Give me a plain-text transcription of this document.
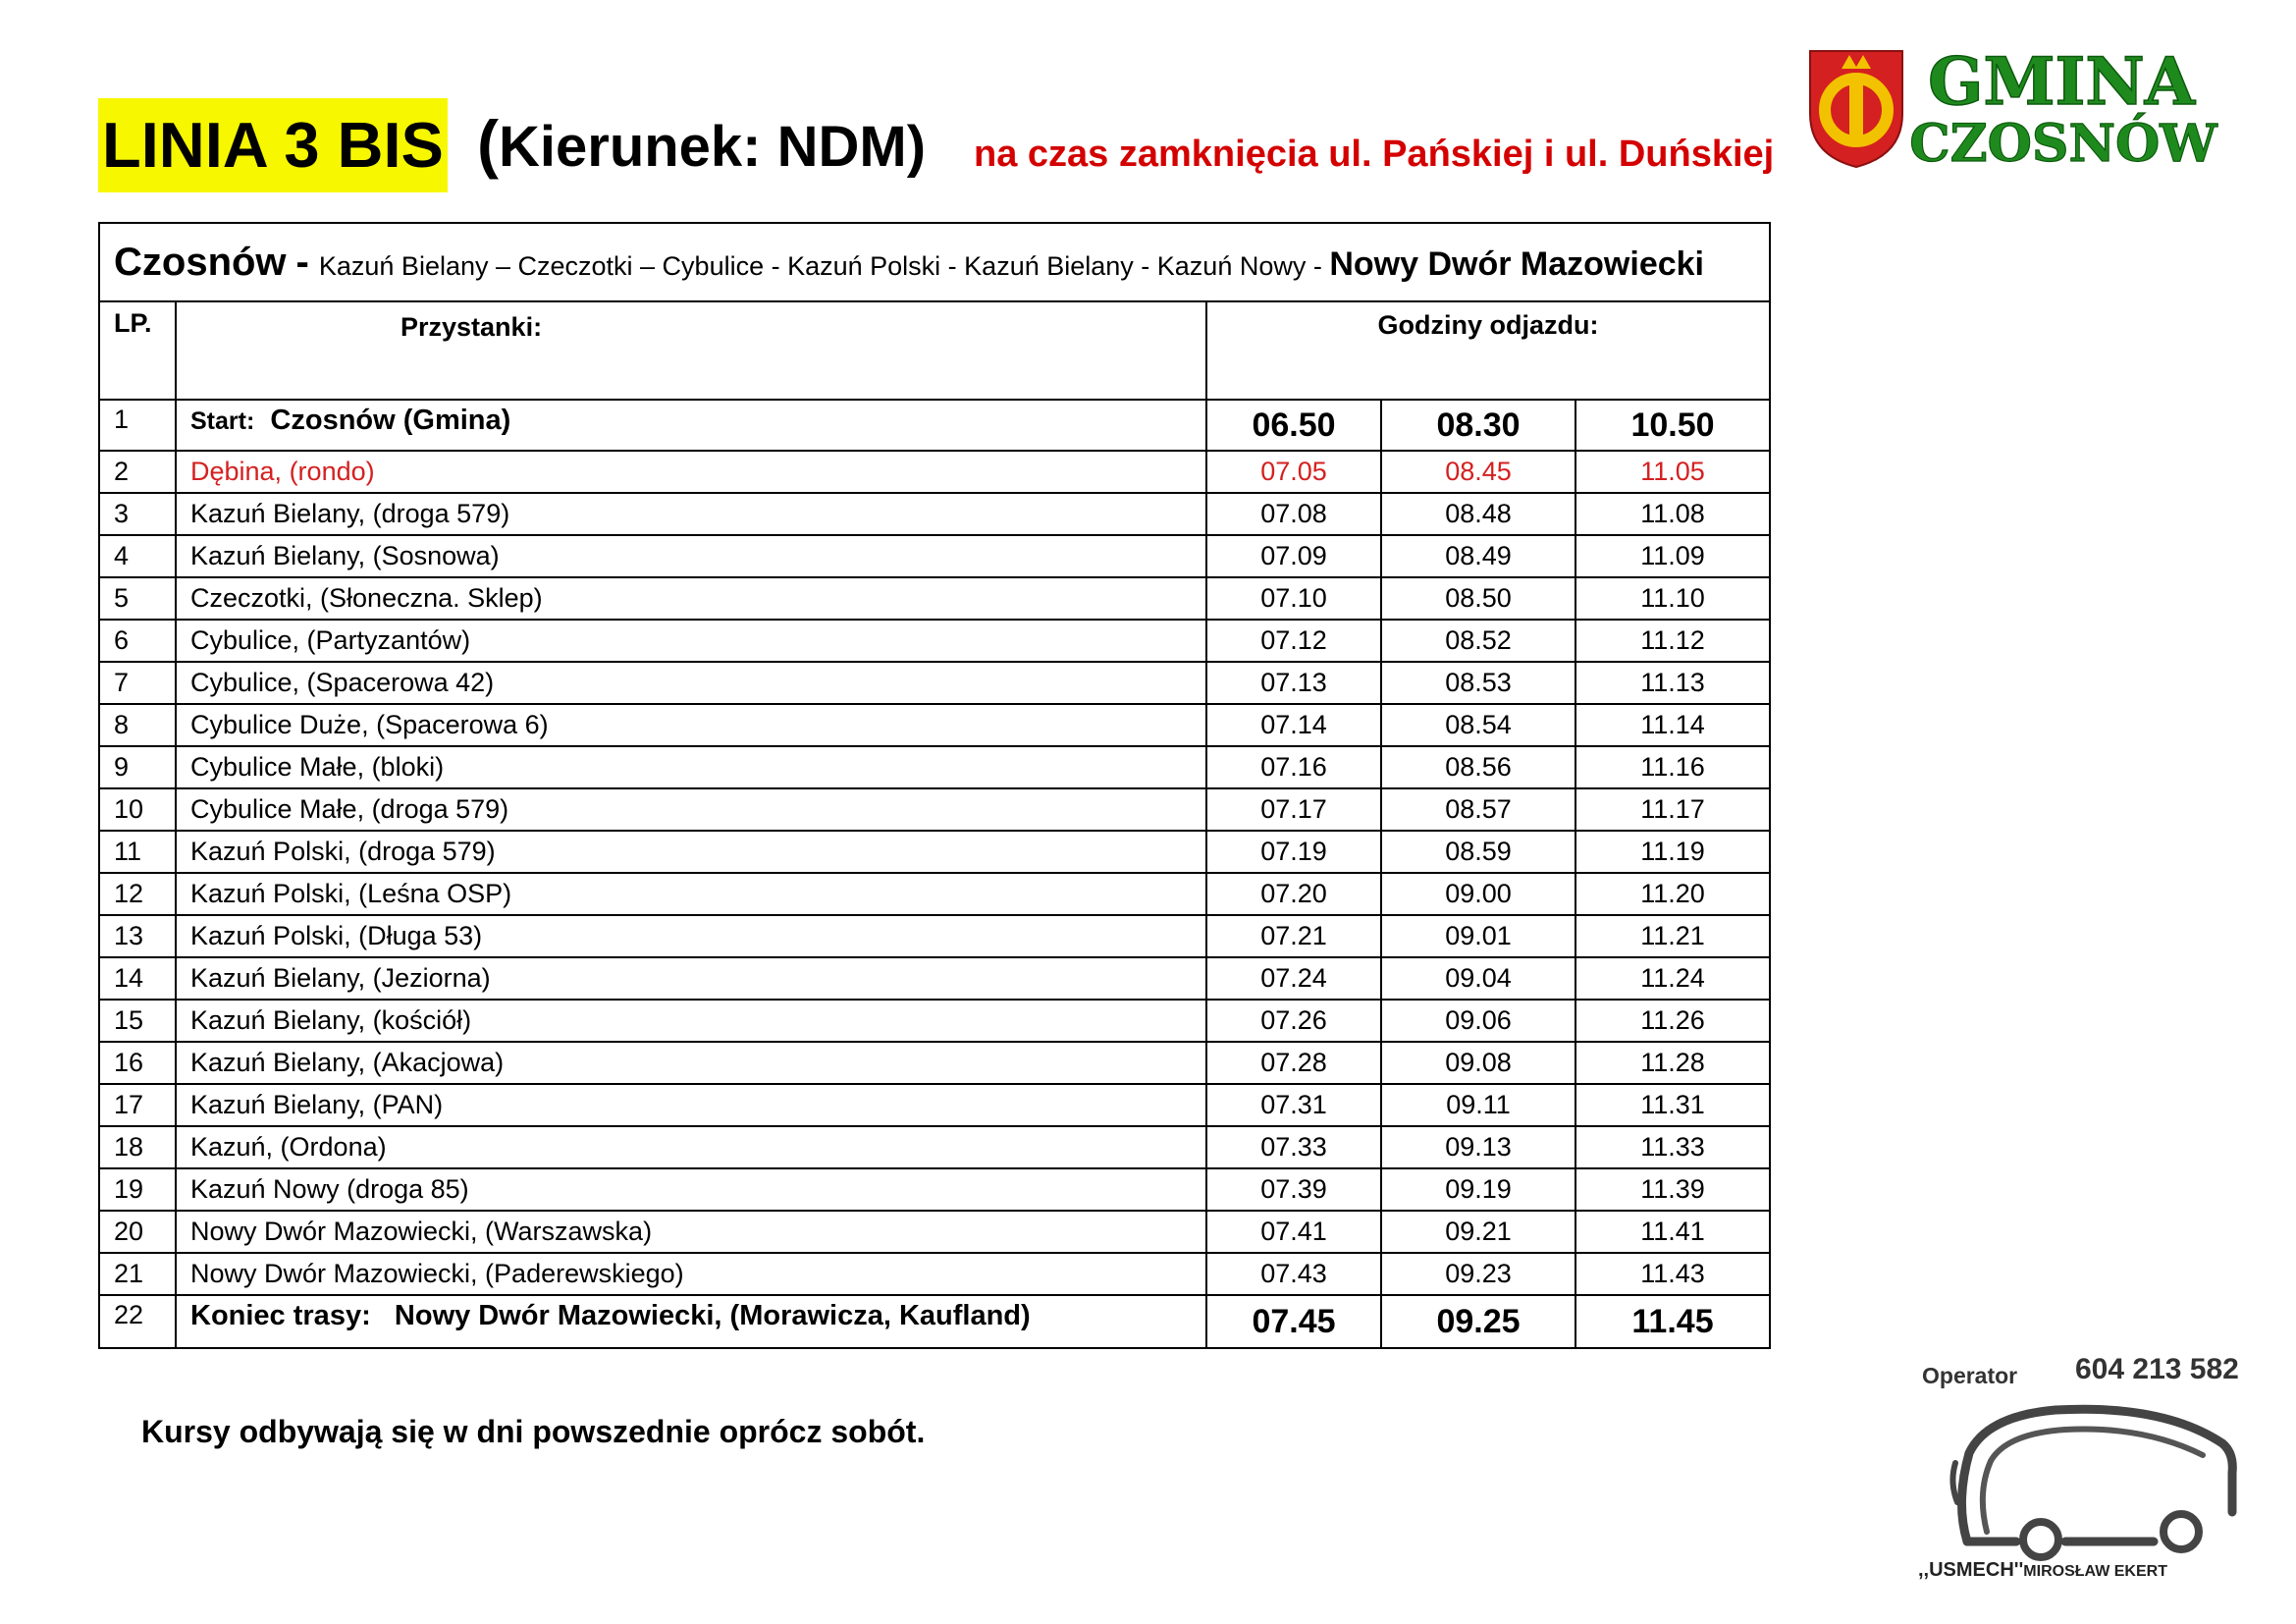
LINIA 3 BIS (Kierunek: NDM) na czas zamknięcia ul. Pańskiej i ul. Duńskiej
GMINA
CZOSNÓW
Czosnów - Kazuń Bielany – Czeczotki – Cybulice - Kazuń Polski - Kazuń Bielany - Kazuń Nowy - Nowy Dwór Mazowiecki				
LP.	Przystanki:	Godziny odjazdu:		
1	Start: Czosnów (Gmina)	06.50	08.30	10.50
2	Dębina, (rondo)	07.05	08.45	11.05
3	Kazuń Bielany, (droga 579)	07.08	08.48	11.08
4	Kazuń Bielany, (Sosnowa)	07.09	08.49	11.09
5	Czeczotki, (Słoneczna. Sklep)	07.10	08.50	11.10
6	Cybulice, (Partyzantów)	07.12	08.52	11.12
7	Cybulice, (Spacerowa 42)	07.13	08.53	11.13
8	Cybulice Duże, (Spacerowa 6)	07.14	08.54	11.14
9	Cybulice Małe, (bloki)	07.16	08.56	11.16
10	Cybulice Małe, (droga 579)	07.17	08.57	11.17
11	Kazuń Polski, (droga 579)	07.19	08.59	11.19
12	Kazuń Polski, (Leśna OSP)	07.20	09.00	11.20
13	Kazuń Polski, (Długa 53)	07.21	09.01	11.21
14	Kazuń Bielany, (Jeziorna)	07.24	09.04	11.24
15	Kazuń Bielany, (kościół)	07.26	09.06	11.26
16	Kazuń Bielany, (Akacjowa)	07.28	09.08	11.28
17	Kazuń Bielany, (PAN)	07.31	09.11	11.31
18	Kazuń, (Ordona)	07.33	09.13	11.33
19	Kazuń Nowy (droga 85)	07.39	09.19	11.39
20	Nowy Dwór Mazowiecki, (Warszawska)	07.41	09.21	11.41
21	Nowy Dwór Mazowiecki, (Paderewskiego)	07.43	09.23	11.43
22	Koniec trasy: Nowy Dwór Mazowiecki, (Morawicza, Kaufland)	07.45	09.25	11.45
Kursy odbywają się w dni powszednie oprócz sobót.
Operator 604 213 582
,,USMECH''MIROSŁAW EKERT
